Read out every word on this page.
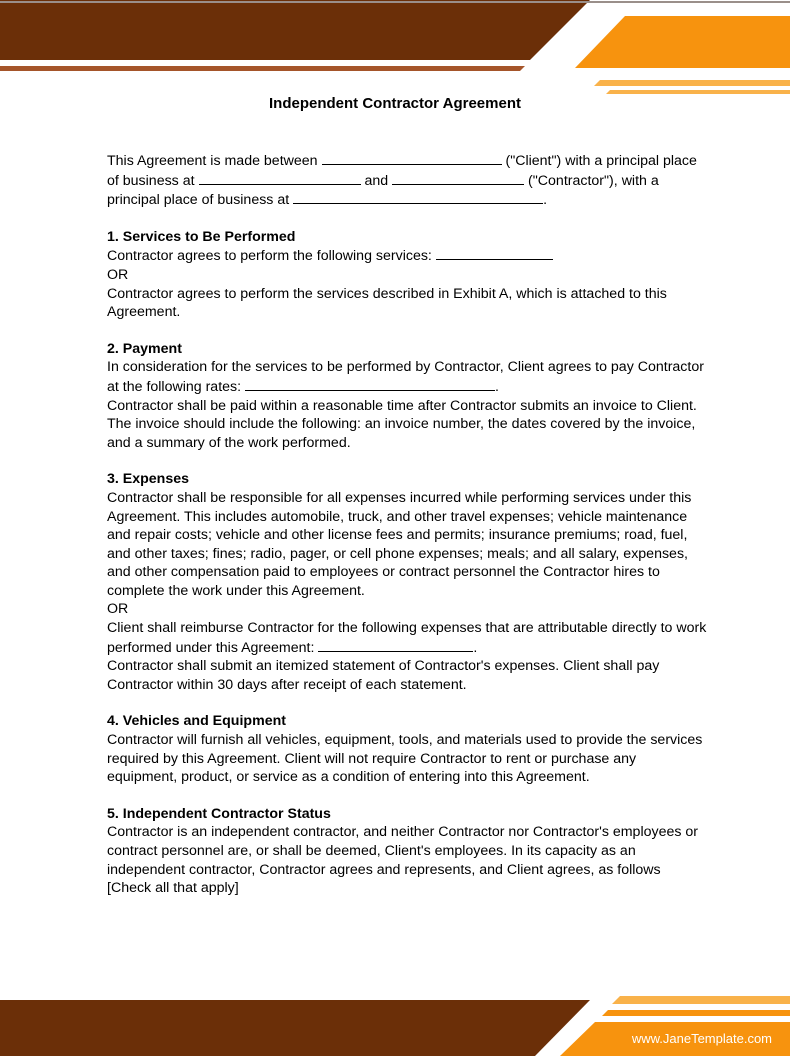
Independent Contractor Agreement

This Agreement is made between	("Client") with a principal place of business at	and	("Contractor"), with a principal place of business at	.

1. Services to Be Performed

Contractor agrees to perform the following services:

OR

Contractor agrees to perform the services described in Exhibit A, which is attached to this Agreement.

2. Payment

In consideration for the services to be performed by Contractor, Client agrees to pay Contractor at the following rates:	.

Contractor shall be paid within a reasonable time after Contractor submits an invoice to Client. The invoice should include the following: an invoice number, the dates covered by the invoice, and a summary of the work performed.

3. Expenses

Contractor shall be responsible for all expenses incurred while performing services under this Agreement. This includes automobile, truck, and other travel expenses; vehicle maintenance and repair costs; vehicle and other license fees and permits; insurance premiums; road, fuel, and other taxes; fines; radio, pager, or cell phone expenses; meals; and all salary, expenses, and other compensation paid to employees or contract personnel the Contractor hires to complete the work under this Agreement.

OR

Client shall reimburse Contractor for the following expenses that are attributable directly to work performed under this Agreement:	.

Contractor shall submit an itemized statement of Contractor's expenses. Client shall pay Contractor within 30 days after receipt of each statement.

4. Vehicles and Equipment

Contractor will furnish all vehicles, equipment, tools, and materials used to provide the services required by this Agreement. Client will not require Contractor to rent or purchase any equipment, product, or service as a condition of entering into this Agreement.

5. Independent Contractor Status

Contractor is an independent contractor, and neither Contractor nor Contractor's employees or contract personnel are, or shall be deemed, Client's employees. In its capacity as an independent contractor, Contractor agrees and represents, and Client agrees, as follows

[Check all that apply]

www.JaneTemplate.com
